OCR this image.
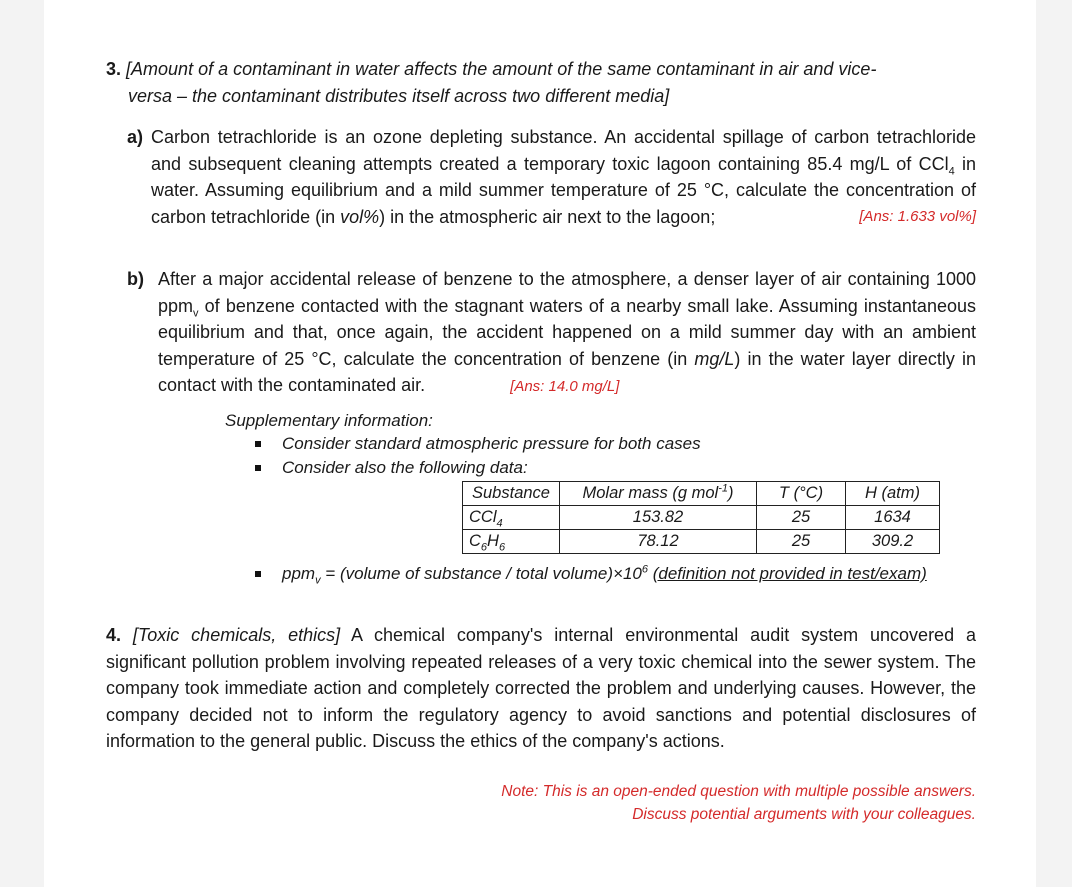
3. [Amount of a contaminant in water affects the amount of the same contaminant in air and vice-
versa – the contaminant distributes itself across two different media]
a) Carbon tetrachloride is an ozone depleting substance. An accidental spillage of carbon tetrachloride and subsequent cleaning attempts created a temporary toxic lagoon containing 85.4 mg/L of CCl$_4$ in water. Assuming equilibrium and a mild summer temperature of 25 °C, calculate the concentration of carbon tetrachloride (in vol%) in the atmospheric air next to the lagoon;	[Ans: 1.633 vol%]
b) After a major accidental release of benzene to the atmosphere, a denser layer of air containing 1000 ppm$_v$ of benzene contacted with the stagnant waters of a nearby small lake. Assuming instantaneous equilibrium and that, once again, the accident happened on a mild summer day with an ambient temperature of 25 °C, calculate the concentration of benzene (in mg/L) in the water layer directly in contact with the contaminated air.	[Ans: 14.0 mg/L]
Supplementary information:
Consider standard atmospheric pressure for both cases
Consider also the following data:
Substance	Molar mass (g mol$^{-1}$)	T (°C)	H (atm)
CCl$_4$	153.82	25	1634
$C_6H_6$	78.12	25	309.2
ppm$_v$ = (volume of substance / total $volume)\times 10^6$ (definition not provided in test/exam)
4. [Toxic chemicals, ethics] A chemical company's internal environmental audit system uncovered a significant pollution problem involving repeated releases of a very toxic chemical into the sewer system. The company took immediate action and completely corrected the problem and underlying causes. However, the company decided not to inform the regulatory agency to avoid sanctions and potential disclosures of information to the general public. Discuss the ethics of the company's actions.
Note: This is an open-ended question with multiple possible answers.
Discuss potential arguments with your colleagues.
